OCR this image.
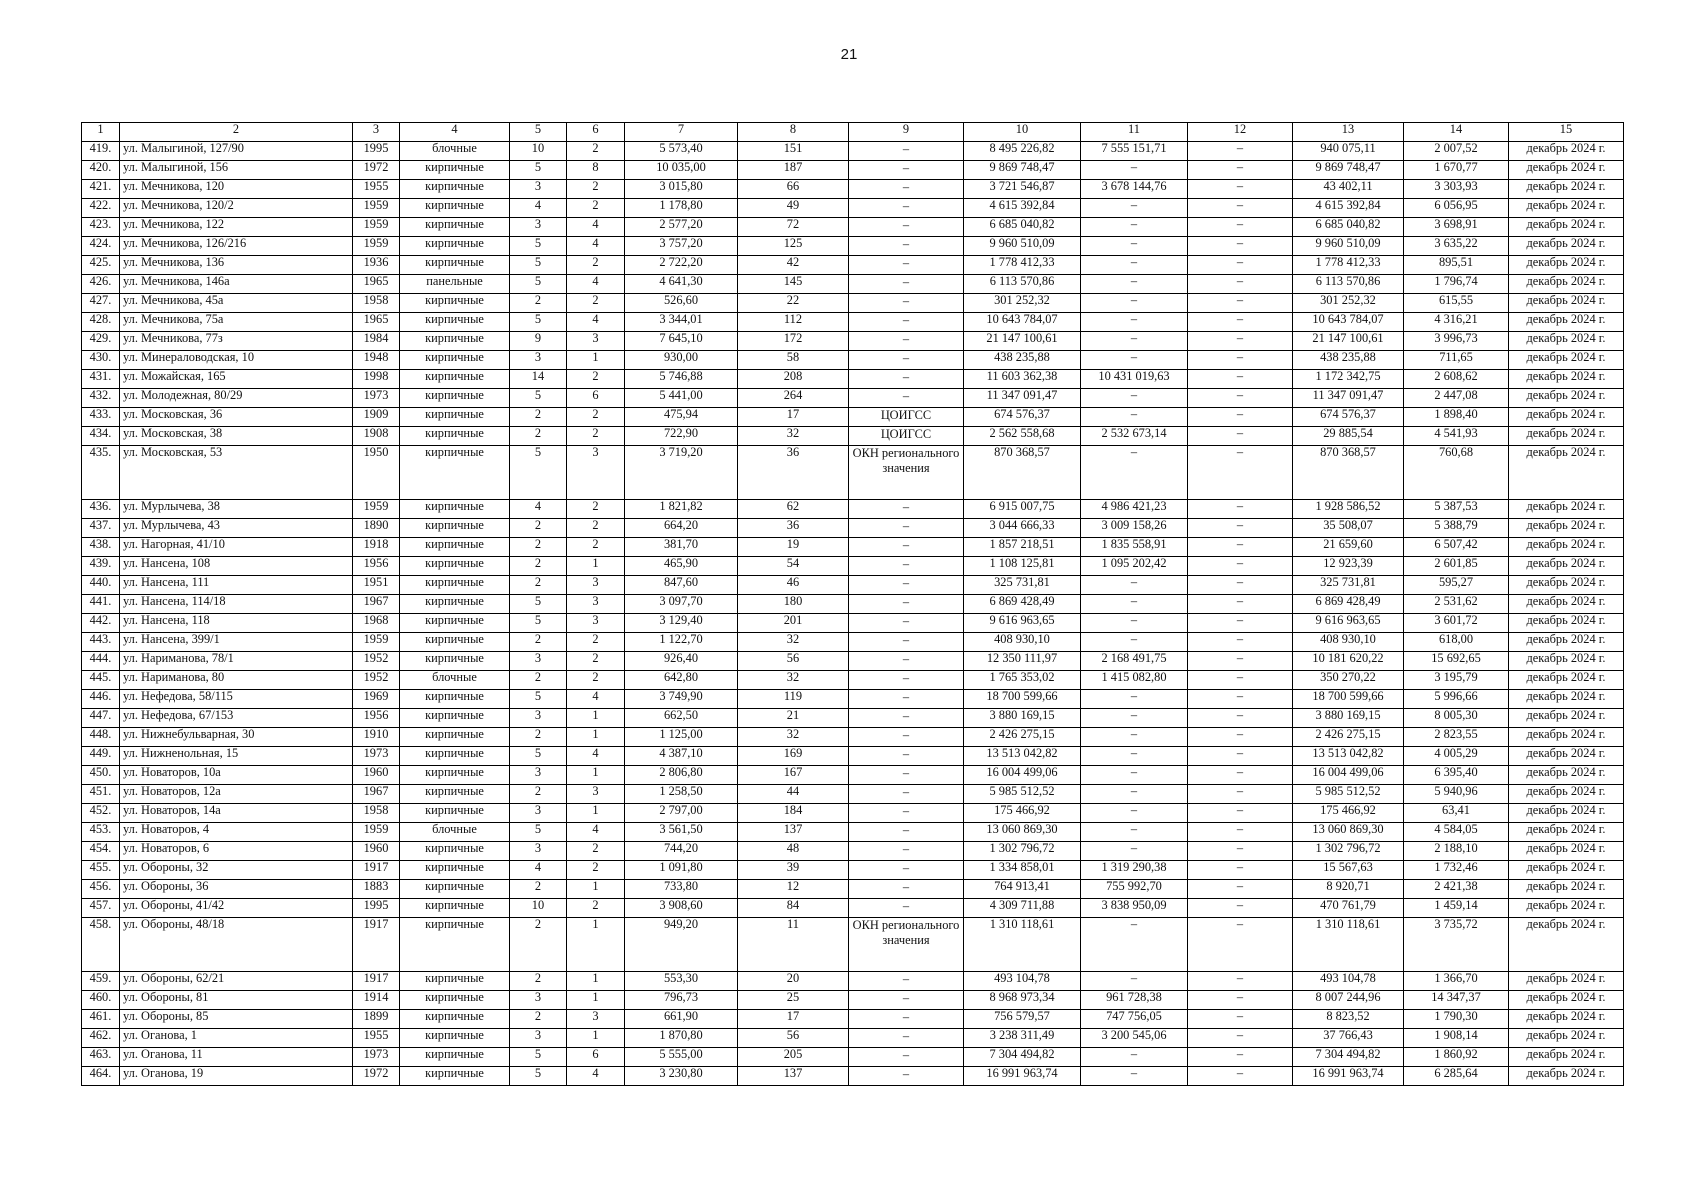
21
1	2	3	4	5	6	7	8	9	10	11	12	13	14	15
419.	ул. Малыгиной, 127/90	1995	блочные	10	2	5 573,40	151	–	8 495 226,82	7 555 151,71	–	940 075,11	2 007,52	декабрь 2024 г.
420.	ул. Малыгиной, 156	1972	кирпичные	5	8	10 035,00	187	–	9 869 748,47	–	–	9 869 748,47	1 670,77	декабрь 2024 г.
421.	ул. Мечникова, 120	1955	кирпичные	3	2	3 015,80	66	–	3 721 546,87	3 678 144,76	–	43 402,11	3 303,93	декабрь 2024 г.
422.	ул. Мечникова, 120/2	1959	кирпичные	4	2	1 178,80	49	–	4 615 392,84	–	–	4 615 392,84	6 056,95	декабрь 2024 г.
423.	ул. Мечникова, 122	1959	кирпичные	3	4	2 577,20	72	–	6 685 040,82	–	–	6 685 040,82	3 698,91	декабрь 2024 г.
424.	ул. Мечникова, 126/216	1959	кирпичные	5	4	3 757,20	125	–	9 960 510,09	–	–	9 960 510,09	3 635,22	декабрь 2024 г.
425.	ул. Мечникова, 136	1936	кирпичные	5	2	2 722,20	42	–	1 778 412,33	–	–	1 778 412,33	895,51	декабрь 2024 г.
426.	ул. Мечникова, 146а	1965	панельные	5	4	4 641,30	145	–	6 113 570,86	–	–	6 113 570,86	1 796,74	декабрь 2024 г.
427.	ул. Мечникова, 45а	1958	кирпичные	2	2	526,60	22	–	301 252,32	–	–	301 252,32	615,55	декабрь 2024 г.
428.	ул. Мечникова, 75а	1965	кирпичные	5	4	3 344,01	112	–	10 643 784,07	–	–	10 643 784,07	4 316,21	декабрь 2024 г.
429.	ул. Мечникова, 77з	1984	кирпичные	9	3	7 645,10	172	–	21 147 100,61	–	–	21 147 100,61	3 996,73	декабрь 2024 г.
430.	ул. Минераловодская, 10	1948	кирпичные	3	1	930,00	58	–	438 235,88	–	–	438 235,88	711,65	декабрь 2024 г.
431.	ул. Можайская, 165	1998	кирпичные	14	2	5 746,88	208	–	11 603 362,38	10 431 019,63	–	1 172 342,75	2 608,62	декабрь 2024 г.
432.	ул. Молодежная, 80/29	1973	кирпичные	5	6	5 441,00	264	–	11 347 091,47	–	–	11 347 091,47	2 447,08	декабрь 2024 г.
433.	ул. Московская, 36	1909	кирпичные	2	2	475,94	17	ЦОИГСС	674 576,37	–	–	674 576,37	1 898,40	декабрь 2024 г.
434.	ул. Московская, 38	1908	кирпичные	2	2	722,90	32	ЦОИГСС	2 562 558,68	2 532 673,14	–	29 885,54	4 541,93	декабрь 2024 г.
435.	ул. Московская, 53	1950	кирпичные	5	3	3 719,20	36	ОКН регионального значения	870 368,57	–	–	870 368,57	760,68	декабрь 2024 г.
436.	ул. Мурлычева, 38	1959	кирпичные	4	2	1 821,82	62	–	6 915 007,75	4 986 421,23	–	1 928 586,52	5 387,53	декабрь 2024 г.
437.	ул. Мурлычева, 43	1890	кирпичные	2	2	664,20	36	–	3 044 666,33	3 009 158,26	–	35 508,07	5 388,79	декабрь 2024 г.
438.	ул. Нагорная, 41/10	1918	кирпичные	2	2	381,70	19	–	1 857 218,51	1 835 558,91	–	21 659,60	6 507,42	декабрь 2024 г.
439.	ул. Нансена, 108	1956	кирпичные	2	1	465,90	54	–	1 108 125,81	1 095 202,42	–	12 923,39	2 601,85	декабрь 2024 г.
440.	ул. Нансена, 111	1951	кирпичные	2	3	847,60	46	–	325 731,81	–	–	325 731,81	595,27	декабрь 2024 г.
441.	ул. Нансена, 114/18	1967	кирпичные	5	3	3 097,70	180	–	6 869 428,49	–	–	6 869 428,49	2 531,62	декабрь 2024 г.
442.	ул. Нансена, 118	1968	кирпичные	5	3	3 129,40	201	–	9 616 963,65	–	–	9 616 963,65	3 601,72	декабрь 2024 г.
443.	ул. Нансена, 399/1	1959	кирпичные	2	2	1 122,70	32	–	408 930,10	–	–	408 930,10	618,00	декабрь 2024 г.
444.	ул. Нариманова, 78/1	1952	кирпичные	3	2	926,40	56	–	12 350 111,97	2 168 491,75	–	10 181 620,22	15 692,65	декабрь 2024 г.
445.	ул. Нариманова, 80	1952	блочные	2	2	642,80	32	–	1 765 353,02	1 415 082,80	–	350 270,22	3 195,79	декабрь 2024 г.
446.	ул. Нефедова, 58/115	1969	кирпичные	5	4	3 749,90	119	–	18 700 599,66	–	–	18 700 599,66	5 996,66	декабрь 2024 г.
447.	ул. Нефедова, 67/153	1956	кирпичные	3	1	662,50	21	–	3 880 169,15	–	–	3 880 169,15	8 005,30	декабрь 2024 г.
448.	ул. Нижнебульварная, 30	1910	кирпичные	2	1	1 125,00	32	–	2 426 275,15	–	–	2 426 275,15	2 823,55	декабрь 2024 г.
449.	ул. Нижненольная, 15	1973	кирпичные	5	4	4 387,10	169	–	13 513 042,82	–	–	13 513 042,82	4 005,29	декабрь 2024 г.
450.	ул. Новаторов, 10а	1960	кирпичные	3	1	2 806,80	167	–	16 004 499,06	–	–	16 004 499,06	6 395,40	декабрь 2024 г.
451.	ул. Новаторов, 12а	1967	кирпичные	2	3	1 258,50	44	–	5 985 512,52	–	–	5 985 512,52	5 940,96	декабрь 2024 г.
452.	ул. Новаторов, 14а	1958	кирпичные	3	1	2 797,00	184	–	175 466,92	–	–	175 466,92	63,41	декабрь 2024 г.
453.	ул. Новаторов, 4	1959	блочные	5	4	3 561,50	137	–	13 060 869,30	–	–	13 060 869,30	4 584,05	декабрь 2024 г.
454.	ул. Новаторов, 6	1960	кирпичные	3	2	744,20	48	–	1 302 796,72	–	–	1 302 796,72	2 188,10	декабрь 2024 г.
455.	ул. Обороны, 32	1917	кирпичные	4	2	1 091,80	39	–	1 334 858,01	1 319 290,38	–	15 567,63	1 732,46	декабрь 2024 г.
456.	ул. Обороны, 36	1883	кирпичные	2	1	733,80	12	–	764 913,41	755 992,70	–	8 920,71	2 421,38	декабрь 2024 г.
457.	ул. Обороны, 41/42	1995	кирпичные	10	2	3 908,60	84	–	4 309 711,88	3 838 950,09	–	470 761,79	1 459,14	декабрь 2024 г.
458.	ул. Обороны, 48/18	1917	кирпичные	2	1	949,20	11	ОКН регионального значения	1 310 118,61	–	–	1 310 118,61	3 735,72	декабрь 2024 г.
459.	ул. Обороны, 62/21	1917	кирпичные	2	1	553,30	20	–	493 104,78	–	–	493 104,78	1 366,70	декабрь 2024 г.
460.	ул. Обороны, 81	1914	кирпичные	3	1	796,73	25	–	8 968 973,34	961 728,38	–	8 007 244,96	14 347,37	декабрь 2024 г.
461.	ул. Обороны, 85	1899	кирпичные	2	3	661,90	17	–	756 579,57	747 756,05	–	8 823,52	1 790,30	декабрь 2024 г.
462.	ул. Оганова, 1	1955	кирпичные	3	1	1 870,80	56	–	3 238 311,49	3 200 545,06	–	37 766,43	1 908,14	декабрь 2024 г.
463.	ул. Оганова, 11	1973	кирпичные	5	6	5 555,00	205	–	7 304 494,82	–	–	7 304 494,82	1 860,92	декабрь 2024 г.
464.	ул. Оганова, 19	1972	кирпичные	5	4	3 230,80	137	–	16 991 963,74	–	–	16 991 963,74	6 285,64	декабрь 2024 г.
